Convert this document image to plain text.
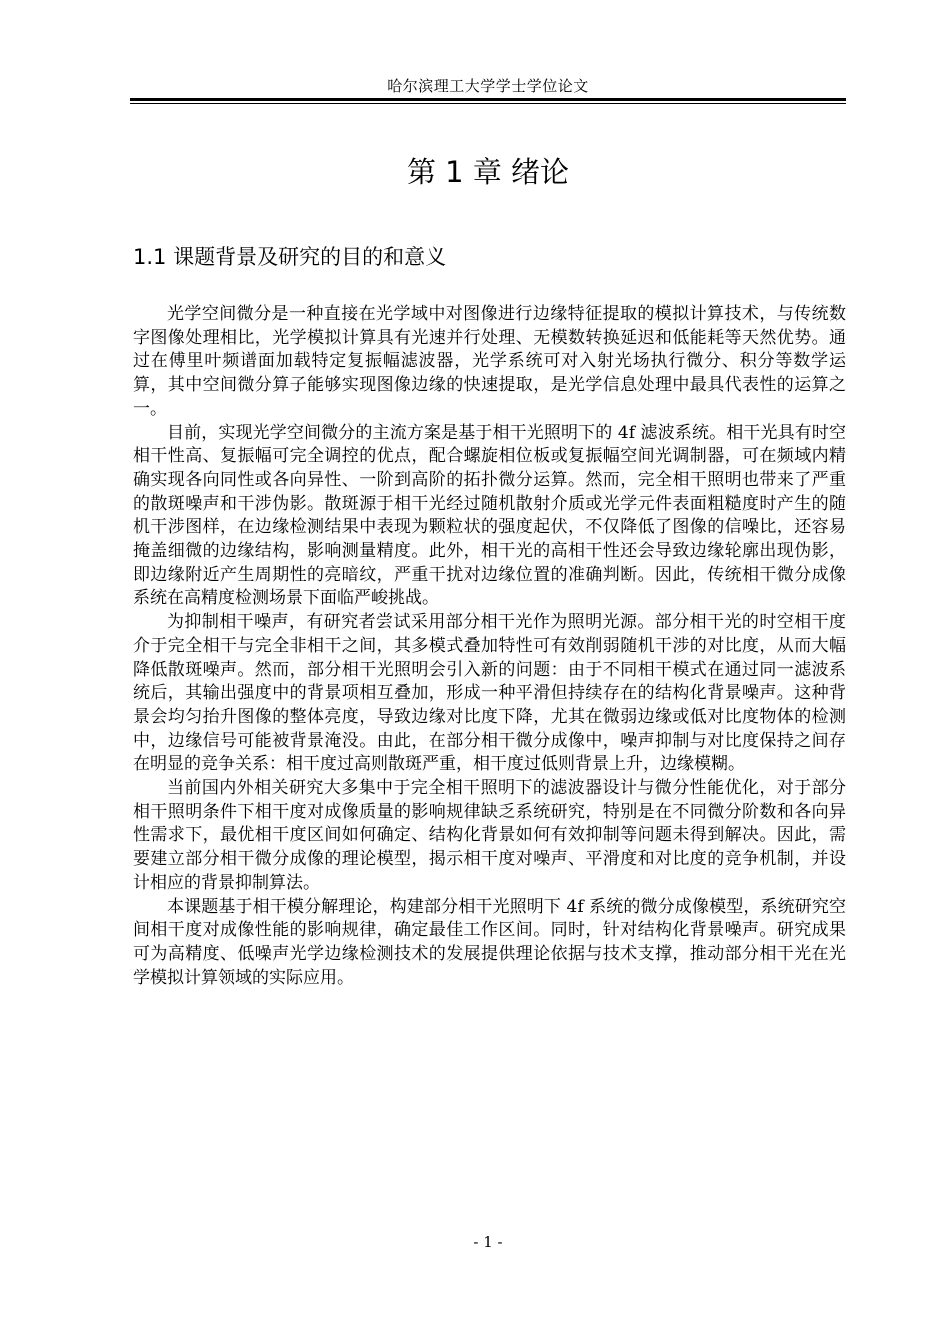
哈尔滨理工大学学士学位论文
第 1 章 绪论
1.1 课题背景及研究的目的和意义

光学空间微分是一种直接在光学域中对图像进行边缘特征提取的模拟计算技术，与传统数字图像处理相比，光学模拟计算具有光速并行处理、无模数转换延迟和低能耗等天然优势。通过在傅里叶频谱面加载特定复振幅滤波器，光学系统可对入射光场执行微分、积分等数学运算，其中空间微分算子能够实现图像边缘的快速提取，是光学信息处理中最具代表性的运算之一。

目前，实现光学空间微分的主流方案是基于相干光照明下的 4f 滤波系统。相干光具有时空相干性高、复振幅可完全调控的优点，配合螺旋相位板或复振幅空间光调制器，可在频域内精确实现各向同性或各向异性、一阶到高阶的拓扑微分运算。然而，完全相干照明也带来了严重的散斑噪声和干涉伪影。散斑源于相干光经过随机散射介质或光学元件表面粗糙度时产生的随机干涉图样，在边缘检测结果中表现为颗粒状的强度起伏，不仅降低了图像的信噪比，还容易掩盖细微的边缘结构，影响测量精度。此外，相干光的高相干性还会导致边缘轮廓出现伪影，即边缘附近产生周期性的亮暗纹，严重干扰对边缘位置的准确判断。因此，传统相干微分成像系统在高精度检测场景下面临严峻挑战。

为抑制相干噪声，有研究者尝试采用部分相干光作为照明光源。部分相干光的时空相干度介于完全相干与完全非相干之间，其多模式叠加特性可有效削弱随机干涉的对比度，从而大幅降低散斑噪声。然而，部分相干光照明会引入新的问题：由于不同相干模式在通过同一滤波系统后，其输出强度中的背景项相互叠加，形成一种平滑但持续存在的结构化背景噪声。这种背景会均匀抬升图像的整体亮度，导致边缘对比度下降，尤其在微弱边缘或低对比度物体的检测中，边缘信号可能被背景淹没。由此，在部分相干微分成像中，噪声抑制与对比度保持之间存在明显的竞争关系：相干度过高则散斑严重，相干度过低则背景上升，边缘模糊。

当前国内外相关研究大多集中于完全相干照明下的滤波器设计与微分性能优化，对于部分相干照明条件下相干度对成像质量的影响规律缺乏系统研究，特别是在不同微分阶数和各向异性需求下，最优相干度区间如何确定、结构化背景如何有效抑制等问题未得到解决。因此，需要建立部分相干微分成像的理论模型，揭示相干度对噪声、平滑度和对比度的竞争机制，并设计相应的背景抑制算法。

本课题基于相干模分解理论，构建部分相干光照明下 4f 系统的微分成像模型，系统研究空间相干度对成像性能的影响规律，确定最佳工作区间。同时，针对结构化背景噪声。研究成果可为高精度、低噪声光学边缘检测技术的发展提供理论依据与技术支撑，推动部分相干光在光学模拟计算领域的实际应用。

- 1 -
